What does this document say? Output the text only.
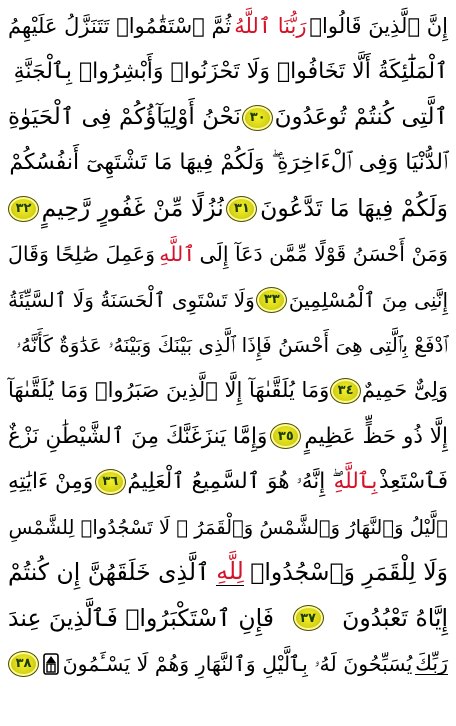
إِنَّ ٱلَّذِينَ قَالُوا۟
رَبُّنَا ٱللَّهُ
ثُمَّ ٱسْتَقَٰمُوا۟ تَتَنَزَّلُ عَلَيْهِمُ
ٱلْمَلَٰٓئِكَةُ أَلَّا تَخَافُوا۟ وَلَا تَحْزَنُوا۟ وَأَبْشِرُوا۟ بِٱلْجَنَّةِ
ٱلَّتِى كُنتُمْ تُوعَدُونَ
٣٠
نَحْنُ أَوْلِيَآؤُكُمْ فِى ٱلْحَيَوٰةِ
ٱلدُّنْيَا وَفِى ٱلْءَاخِرَةِ ۖ وَلَكُمْ فِيهَا مَا تَشْتَهِىٓ أَنفُسُكُمْ
وَلَكُمْ فِيهَا مَا تَدَّعُونَ
٣١
نُزُلًا مِّنْ غَفُورٍ رَّحِيمٍ
٣٢
وَمَنْ أَحْسَنُ قَوْلًا مِّمَّن دَعَآ إِلَى
ٱللَّهِ
وَعَمِلَ صَٰلِحًا وَقَالَ
إِنَّنِى مِنَ ٱلْمُسْلِمِينَ
٣٣
وَلَا تَسْتَوِى ٱلْحَسَنَةُ وَلَا ٱلسَّيِّئَةُ
ٱدْفَعْ بِٱلَّتِى هِىَ أَحْسَنُ فَإِذَا ٱلَّذِى بَيْنَكَ وَبَيْنَهُۥ عَدَٰوَةٌ كَأَنَّهُۥ
وَلِىٌّ حَمِيمٌ
٣٤
وَمَا يُلَقَّىٰهَآ إِلَّا ٱلَّذِينَ صَبَرُوا۟ وَمَا يُلَقَّىٰهَآ
إِلَّا ذُو حَظٍّ عَظِيمٍ
٣٥
وَإِمَّا يَنزَغَنَّكَ مِنَ ٱلشَّيْطَٰنِ نَزْغٌ
فَٱسْتَعِذْ
بِٱللَّهِ
ۖ إِنَّهُۥ هُوَ ٱلسَّمِيعُ ٱلْعَلِيمُ
٣٦
وَمِنْ ءَايَٰتِهِ
ٱلَّيْلُ وَٱلنَّهَارُ وَٱلشَّمْسُ وَٱلْقَمَرُ ۚ لَا تَسْجُدُوا۟ لِلشَّمْسِ
وَلَا لِلْقَمَرِ وَٱسْجُدُوا۟
لِلَّهِ
ٱلَّذِى خَلَقَهُنَّ إِن كُنتُمْ
إِيَّاهُ تَعْبُدُونَ
٣٧
فَإِنِ ٱسْتَكْبَرُوا۟ فَٱلَّذِينَ عِندَ
رَبِّكَ
يُسَبِّحُونَ لَهُۥ بِٱلَّيْلِ وَٱلنَّهَارِ وَهُمْ لَا يَسْـَٔمُونَ
٣٨
